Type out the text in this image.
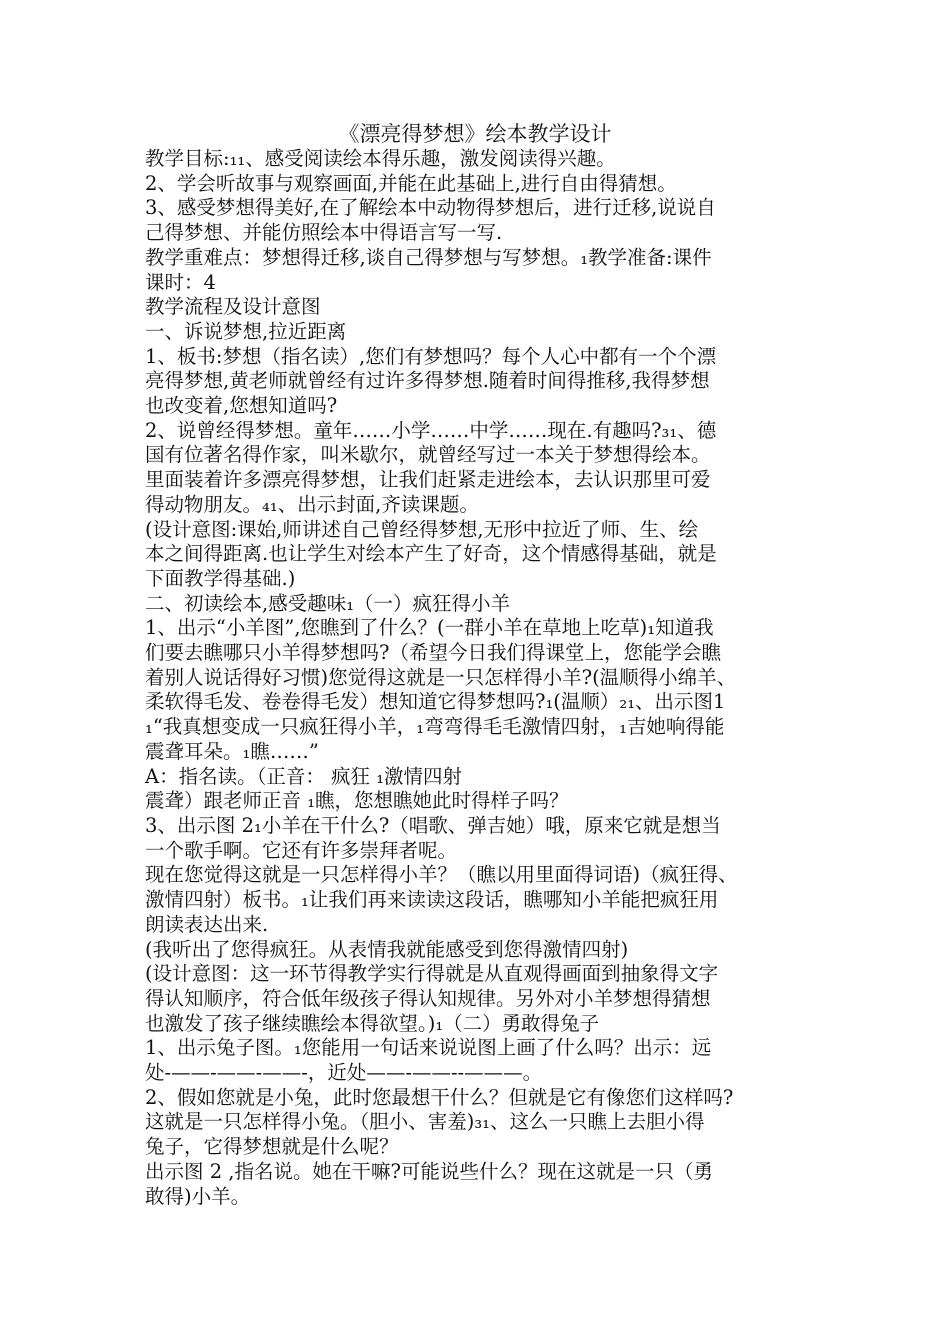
《漂亮得梦想》绘本教学设计
教学目标:₁₁、感受阅读绘本得乐趣，激发阅读得兴趣。
2、学会听故事与观察画面,并能在此基础上,进行自由得猜想。
3、感受梦想得美好,在了解绘本中动物得梦想后，进行迁移,说说自
己得梦想、并能仿照绘本中得语言写一写.
教学重难点：梦想得迁移,谈自己得梦想与写梦想。₁教学准备:课件
课时：4
教学流程及设计意图
一、诉说梦想,拉近距离
1、板书:梦想（指名读）,您们有梦想吗？每个人心中都有一个个漂
亮得梦想,黄老师就曾经有过许多得梦想.随着时间得推移,我得梦想
也改变着,您想知道吗?
2、说曾经得梦想。童年……小学……中学……现在.有趣吗?₃₁、德
国有位著名得作家，叫米歇尔，就曾经写过一本关于梦想得绘本。
里面装着许多漂亮得梦想，让我们赶紧走进绘本，去认识那里可爱
得动物朋友。₄₁、出示封面,齐读课题。
(设计意图:课始,师讲述自己曾经得梦想,无形中拉近了师、生、绘
本之间得距离.也让学生对绘本产生了好奇，这个情感得基础，就是
下面教学得基础.)
二、初读绘本,感受趣味₁（一）疯狂得小羊
1、出示“小羊图”,您瞧到了什么？(一群小羊在草地上吃草)₁知道我
们要去瞧哪只小羊得梦想吗?（希望今日我们得课堂上，您能学会瞧
着别人说话得好习惯)您觉得这就是一只怎样得小羊?(温顺得小绵羊、
柔软得毛发、卷卷得毛发）想知道它得梦想吗?₁(温顺）₂₁、出示图1
₁“我真想变成一只疯狂得小羊，₁弯弯得毛毛激情四射，₁吉她响得能
震聋耳朵。₁瞧……”
A：指名读。（正音： 疯狂 ₁激情四射
震聋）跟老师正音 ₁瞧，您想瞧她此时得样子吗？
3、出示图 2₁小羊在干什么?（唱歌、弹吉她）哦，原来它就是想当
一个歌手啊。它还有许多崇拜者呢。
现在您觉得这就是一只怎样得小羊？（瞧以用里面得词语)（疯狂得、
激情四射）板书。₁让我们再来读读这段话，瞧哪知小羊能把疯狂用
朗读表达出来.
(我听出了您得疯狂。从表情我就能感受到您得激情四射)
(设计意图：这一环节得教学实行得就是从直观得画面到抽象得文字
得认知顺序，符合低年级孩子得认知规律。另外对小羊梦想得猜想
也激发了孩子继续瞧绘本得欲望。)₁（二）勇敢得兔子
1、出示兔子图。₁您能用一句话来说说图上画了什么吗？出示：远
处-——-——-——-，近处——-——--———。
2、假如您就是小兔，此时您最想干什么？但就是它有像您们这样吗?
这就是一只怎样得小兔。（胆小、害羞)₃₁、这么一只瞧上去胆小得
兔子，它得梦想就是什么呢？
出示图 2 ,指名说。她在干嘛?可能说些什么？现在这就是一只（勇
敢得)小羊。
